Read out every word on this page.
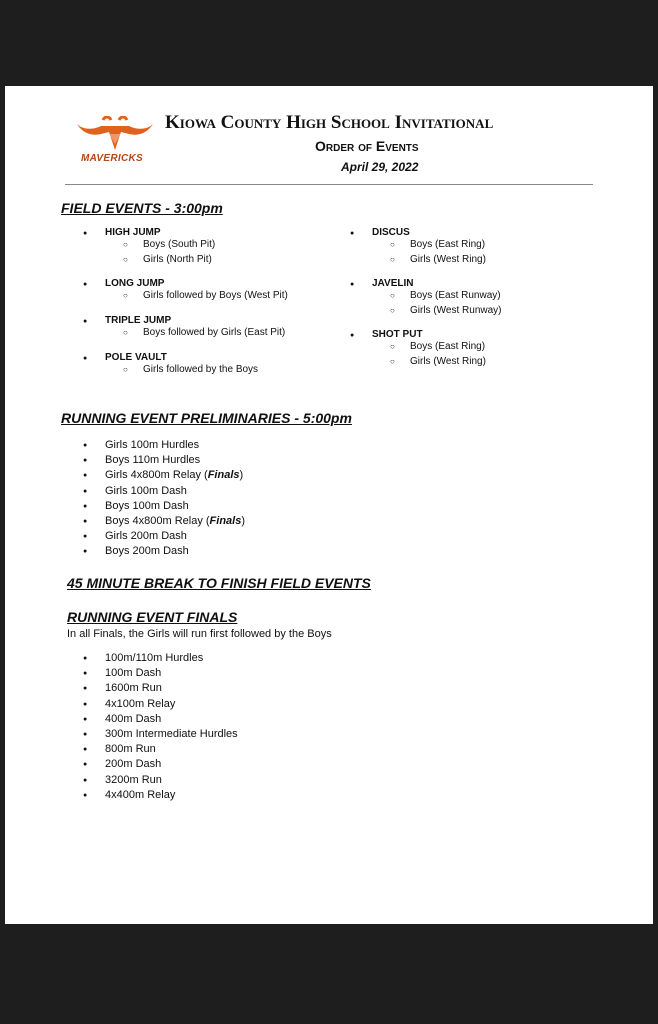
MAVERICKS
Kiowa County High School Invitational
Order of Events
April 29, 2022
FIELD EVENTS - 3:00pm
● HIGH JUMP
○ Boys (South Pit)
○ Girls (North Pit)
● LONG JUMP
○ Girls followed by Boys (West Pit)
● TRIPLE JUMP
○ Boys followed by Girls (East Pit)
● POLE VAULT
○ Girls followed by the Boys
● DISCUS
○ Boys (East Ring)
○ Girls (West Ring)
● JAVELIN
○ Boys (East Runway)
○ Girls (West Runway)
● SHOT PUT
○ Boys (East Ring)
○ Girls (West Ring)
RUNNING EVENT PRELIMINARIES - 5:00pm
● Girls 100m Hurdles
● Boys 110m Hurdles
● Girls 4x800m Relay (Finals)
● Girls 100m Dash
● Boys 100m Dash
● Boys 4x800m Relay (Finals)
● Girls 200m Dash
● Boys 200m Dash
45 MINUTE BREAK TO FINISH FIELD EVENTS
RUNNING EVENT FINALS
In all Finals, the Girls will run first followed by the Boys
● 100m/110m Hurdles
● 100m Dash
● 1600m Run
● 4x100m Relay
● 400m Dash
● 300m Intermediate Hurdles
● 800m Run
● 200m Dash
● 3200m Run
● 4x400m Relay
